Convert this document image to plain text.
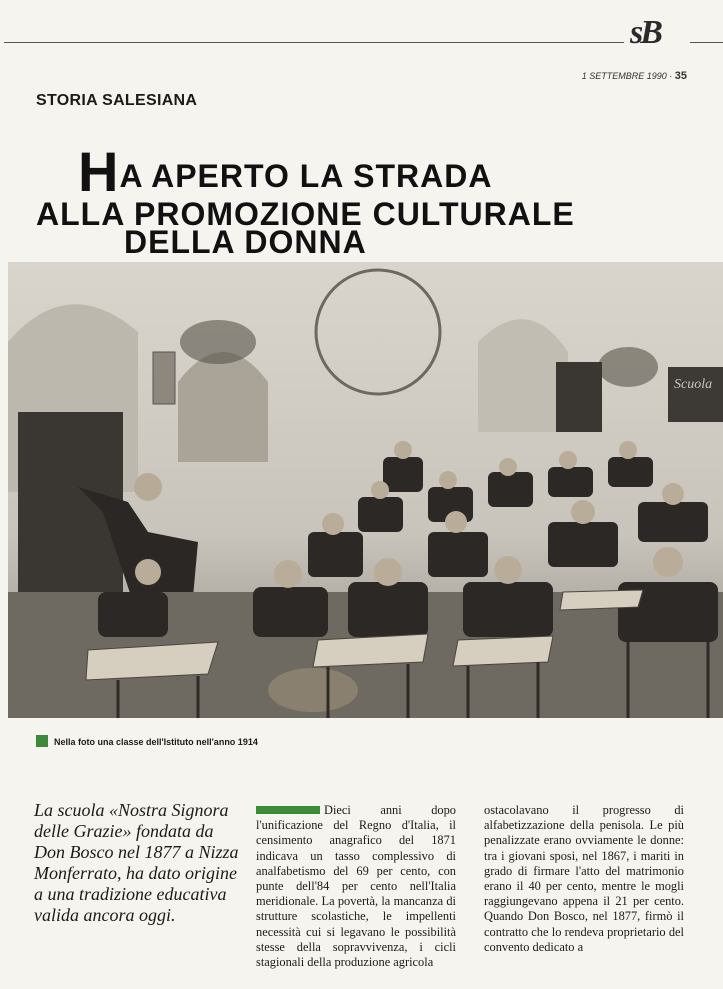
sB
1 SETTEMBRE 1990 · 35
STORIA SALESIANA
HA APERTO LA STRADA
ALLA PROMOZIONE CULTURALE
Scuola
DELLA DONNA
Nella foto una classe dell'Istituto nell'anno 1914
La scuola «Nostra Signora delle Grazie» fondata da Don Bosco nel 1877 a Nizza Monferrato, ha dato origine a una tradizione educativa valida ancora oggi.
Dieci anni dopo l'unificazione del Regno d'Italia, il censimento anagrafico del 1871 indicava un tasso complessivo di analfabetismo del 69 per cento, con punte dell'84 per cento nell'Italia meridionale. La povertà, la mancanza di strutture scolastiche, le impellenti necessità cui si legavano le possibilità stesse della sopravvivenza, i cicli stagionali della produzione agricola
ostacolavano il progresso di alfabetizzazione della penisola. Le più penalizzate erano ovviamente le donne: tra i giovani sposi, nel 1867, i mariti in grado di firmare l'atto del matrimonio erano il 40 per cento, mentre le mogli raggiungevano appena il 21 per cento. Quando Don Bosco, nel 1877, firmò il contratto che lo rendeva proprietario del convento dedicato a
